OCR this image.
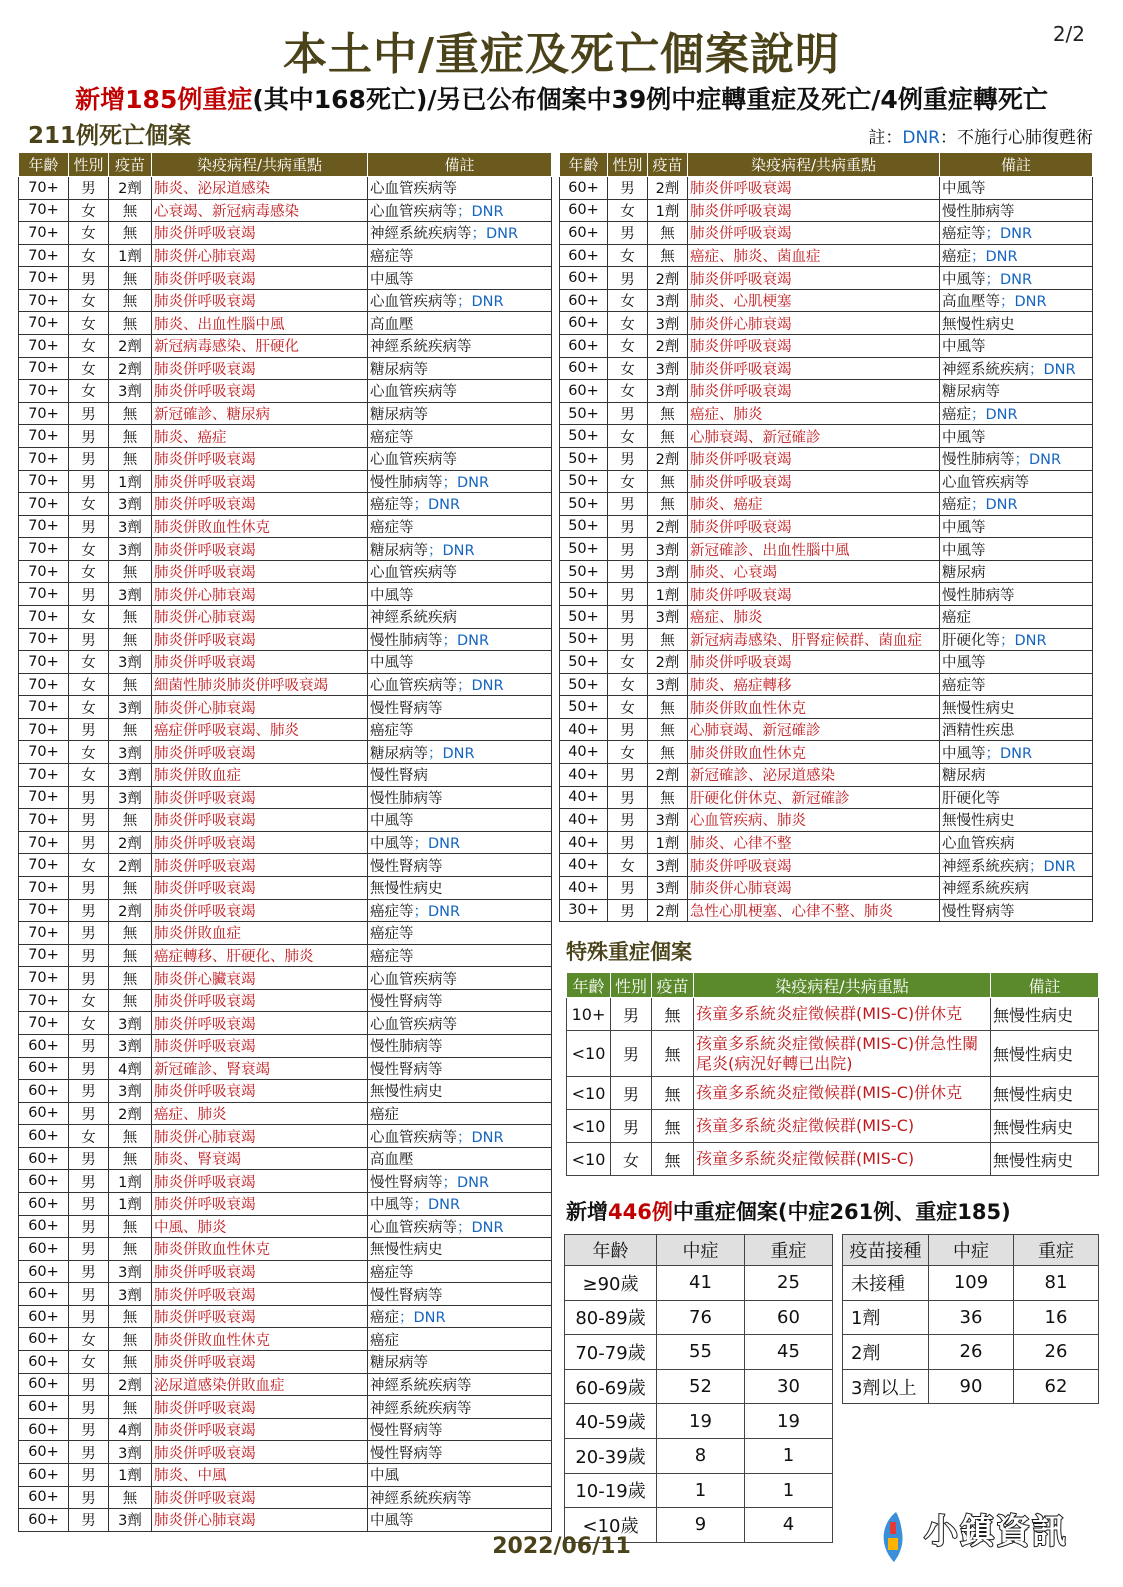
本土中/重症及死亡個案說明	2/2
新增185例重症(其中168死亡)/另已公布個案中39例中症轉重症及死亡/4例重症轉死亡
211例死亡個案	註：DNR：不施行心肺復甦術
年齡	性別	疫苗	染疫病程/共病重點	備註
70+	男	2劑	肺炎、泌尿道感染	心血管疾病等
70+	女	無	心衰竭、新冠病毒感染	心血管疾病等；DNR
70+	女	無	肺炎併呼吸衰竭	神經系統疾病等；DNR
70+	女	1劑	肺炎併心肺衰竭	癌症等
70+	男	無	肺炎併呼吸衰竭	中風等
70+	女	無	肺炎併呼吸衰竭	心血管疾病等；DNR
70+	女	無	肺炎、出血性腦中風	高血壓
70+	女	2劑	新冠病毒感染、肝硬化	神經系統疾病等
70+	女	2劑	肺炎併呼吸衰竭	糖尿病等
70+	女	3劑	肺炎併呼吸衰竭	心血管疾病等
70+	男	無	新冠確診、糖尿病	糖尿病等
70+	男	無	肺炎、癌症	癌症等
70+	男	無	肺炎併呼吸衰竭	心血管疾病等
70+	男	1劑	肺炎併呼吸衰竭	慢性肺病等；DNR
70+	女	3劑	肺炎併呼吸衰竭	癌症等；DNR
70+	男	3劑	肺炎併敗血性休克	癌症等
70+	女	3劑	肺炎併呼吸衰竭	糖尿病等；DNR
70+	女	無	肺炎併呼吸衰竭	心血管疾病等
70+	男	3劑	肺炎併心肺衰竭	中風等
70+	女	無	肺炎併心肺衰竭	神經系統疾病
70+	男	無	肺炎併呼吸衰竭	慢性肺病等；DNR
70+	女	3劑	肺炎併呼吸衰竭	中風等
70+	女	無	細菌性肺炎肺炎併呼吸衰竭	心血管疾病等；DNR
70+	女	3劑	肺炎併心肺衰竭	慢性腎病等
70+	男	無	癌症併呼吸衰竭、肺炎	癌症等
70+	女	3劑	肺炎併呼吸衰竭	糖尿病等；DNR
70+	女	3劑	肺炎併敗血症	慢性腎病
70+	男	3劑	肺炎併呼吸衰竭	慢性肺病等
70+	男	無	肺炎併呼吸衰竭	中風等
70+	男	2劑	肺炎併呼吸衰竭	中風等；DNR
70+	女	2劑	肺炎併呼吸衰竭	慢性腎病等
70+	男	無	肺炎併呼吸衰竭	無慢性病史
70+	男	2劑	肺炎併呼吸衰竭	癌症等；DNR
70+	男	無	肺炎併敗血症	癌症等
70+	男	無	癌症轉移、肝硬化、肺炎	癌症等
70+	男	無	肺炎併心臟衰竭	心血管疾病等
70+	女	無	肺炎併呼吸衰竭	慢性腎病等
70+	女	3劑	肺炎併呼吸衰竭	心血管疾病等
60+	男	3劑	肺炎併呼吸衰竭	慢性肺病等
60+	男	4劑	新冠確診、腎衰竭	慢性腎病等
60+	男	3劑	肺炎併呼吸衰竭	無慢性病史
60+	男	2劑	癌症、肺炎	癌症
60+	女	無	肺炎併心肺衰竭	心血管疾病等；DNR
60+	男	無	肺炎、腎衰竭	高血壓
60+	男	1劑	肺炎併呼吸衰竭	慢性腎病等；DNR
60+	男	1劑	肺炎併呼吸衰竭	中風等；DNR
60+	男	無	中風、肺炎	心血管疾病等；DNR
60+	男	無	肺炎併敗血性休克	無慢性病史
60+	男	3劑	肺炎併呼吸衰竭	癌症等
60+	男	3劑	肺炎併呼吸衰竭	慢性腎病等
60+	男	無	肺炎併呼吸衰竭	癌症；DNR
60+	女	無	肺炎併敗血性休克	癌症
60+	女	無	肺炎併呼吸衰竭	糖尿病等
60+	男	2劑	泌尿道感染併敗血症	神經系統疾病等
60+	男	無	肺炎併呼吸衰竭	神經系統疾病等
60+	男	4劑	肺炎併呼吸衰竭	慢性腎病等
60+	男	3劑	肺炎併呼吸衰竭	慢性腎病等
60+	男	1劑	肺炎、中風	中風
60+	男	無	肺炎併呼吸衰竭	神經系統疾病等
60+	男	3劑	肺炎併心肺衰竭	中風等
年齡	性別	疫苗	染疫病程/共病重點	備註
60+	男	2劑	肺炎併呼吸衰竭	中風等
60+	女	1劑	肺炎併呼吸衰竭	慢性肺病等
60+	男	無	肺炎併呼吸衰竭	癌症等；DNR
60+	女	無	癌症、肺炎、菌血症	癌症；DNR
60+	男	2劑	肺炎併呼吸衰竭	中風等；DNR
60+	女	3劑	肺炎、心肌梗塞	高血壓等；DNR
60+	女	3劑	肺炎併心肺衰竭	無慢性病史
60+	女	2劑	肺炎併呼吸衰竭	中風等
60+	女	3劑	肺炎併呼吸衰竭	神經系統疾病；DNR
60+	女	3劑	肺炎併呼吸衰竭	糖尿病等
50+	男	無	癌症、肺炎	癌症；DNR
50+	女	無	心肺衰竭、新冠確診	中風等
50+	男	2劑	肺炎併呼吸衰竭	慢性肺病等；DNR
50+	女	無	肺炎併呼吸衰竭	心血管疾病等
50+	男	無	肺炎、癌症	癌症；DNR
50+	男	2劑	肺炎併呼吸衰竭	中風等
50+	男	3劑	新冠確診、出血性腦中風	中風等
50+	男	3劑	肺炎、心衰竭	糖尿病
50+	男	1劑	肺炎併呼吸衰竭	慢性肺病等
50+	男	3劑	癌症、肺炎	癌症
50+	男	無	新冠病毒感染、肝腎症候群、菌血症	肝硬化等；DNR
50+	女	2劑	肺炎併呼吸衰竭	中風等
50+	女	3劑	肺炎、癌症轉移	癌症等
50+	女	無	肺炎併敗血性休克	無慢性病史
40+	男	無	心肺衰竭、新冠確診	酒精性疾患
40+	女	無	肺炎併敗血性休克	中風等；DNR
40+	男	2劑	新冠確診、泌尿道感染	糖尿病
40+	男	無	肝硬化併休克、新冠確診	肝硬化等
40+	男	3劑	心血管疾病、肺炎	無慢性病史
40+	男	1劑	肺炎、心律不整	心血管疾病
40+	女	3劑	肺炎併呼吸衰竭	神經系統疾病；DNR
40+	男	3劑	肺炎併心肺衰竭	神經系統疾病
30+	男	2劑	急性心肌梗塞、心律不整、肺炎	慢性腎病等
特殊重症個案
年齡	性別	疫苗	染疫病程/共病重點	備註
10+	男	無	孩童多系統炎症徵候群(MIS-C)併休克	無慢性病史
<10	男	無	孩童多系統炎症徵候群(MIS-C)併急性闌尾炎(病況好轉已出院)	無慢性病史
<10	男	無	孩童多系統炎症徵候群(MIS-C)併休克	無慢性病史
<10	男	無	孩童多系統炎症徵候群(MIS-C)	無慢性病史
<10	女	無	孩童多系統炎症徵候群(MIS-C)	無慢性病史
新增446例中重症個案(中症261例、重症185)
年齡	中症	重症
≥90歲	41	25
80-89歲	76	60
70-79歲	55	45
60-69歲	52	30
40-59歲	19	19
20-39歲	8	1
10-19歲	1	1
<10歲	9	4
疫苗接種	中症	重症
未接種	109	81
1劑	36	16
2劑	26	26
3劑以上	90	62
2022/06/11	小鎮資訊
